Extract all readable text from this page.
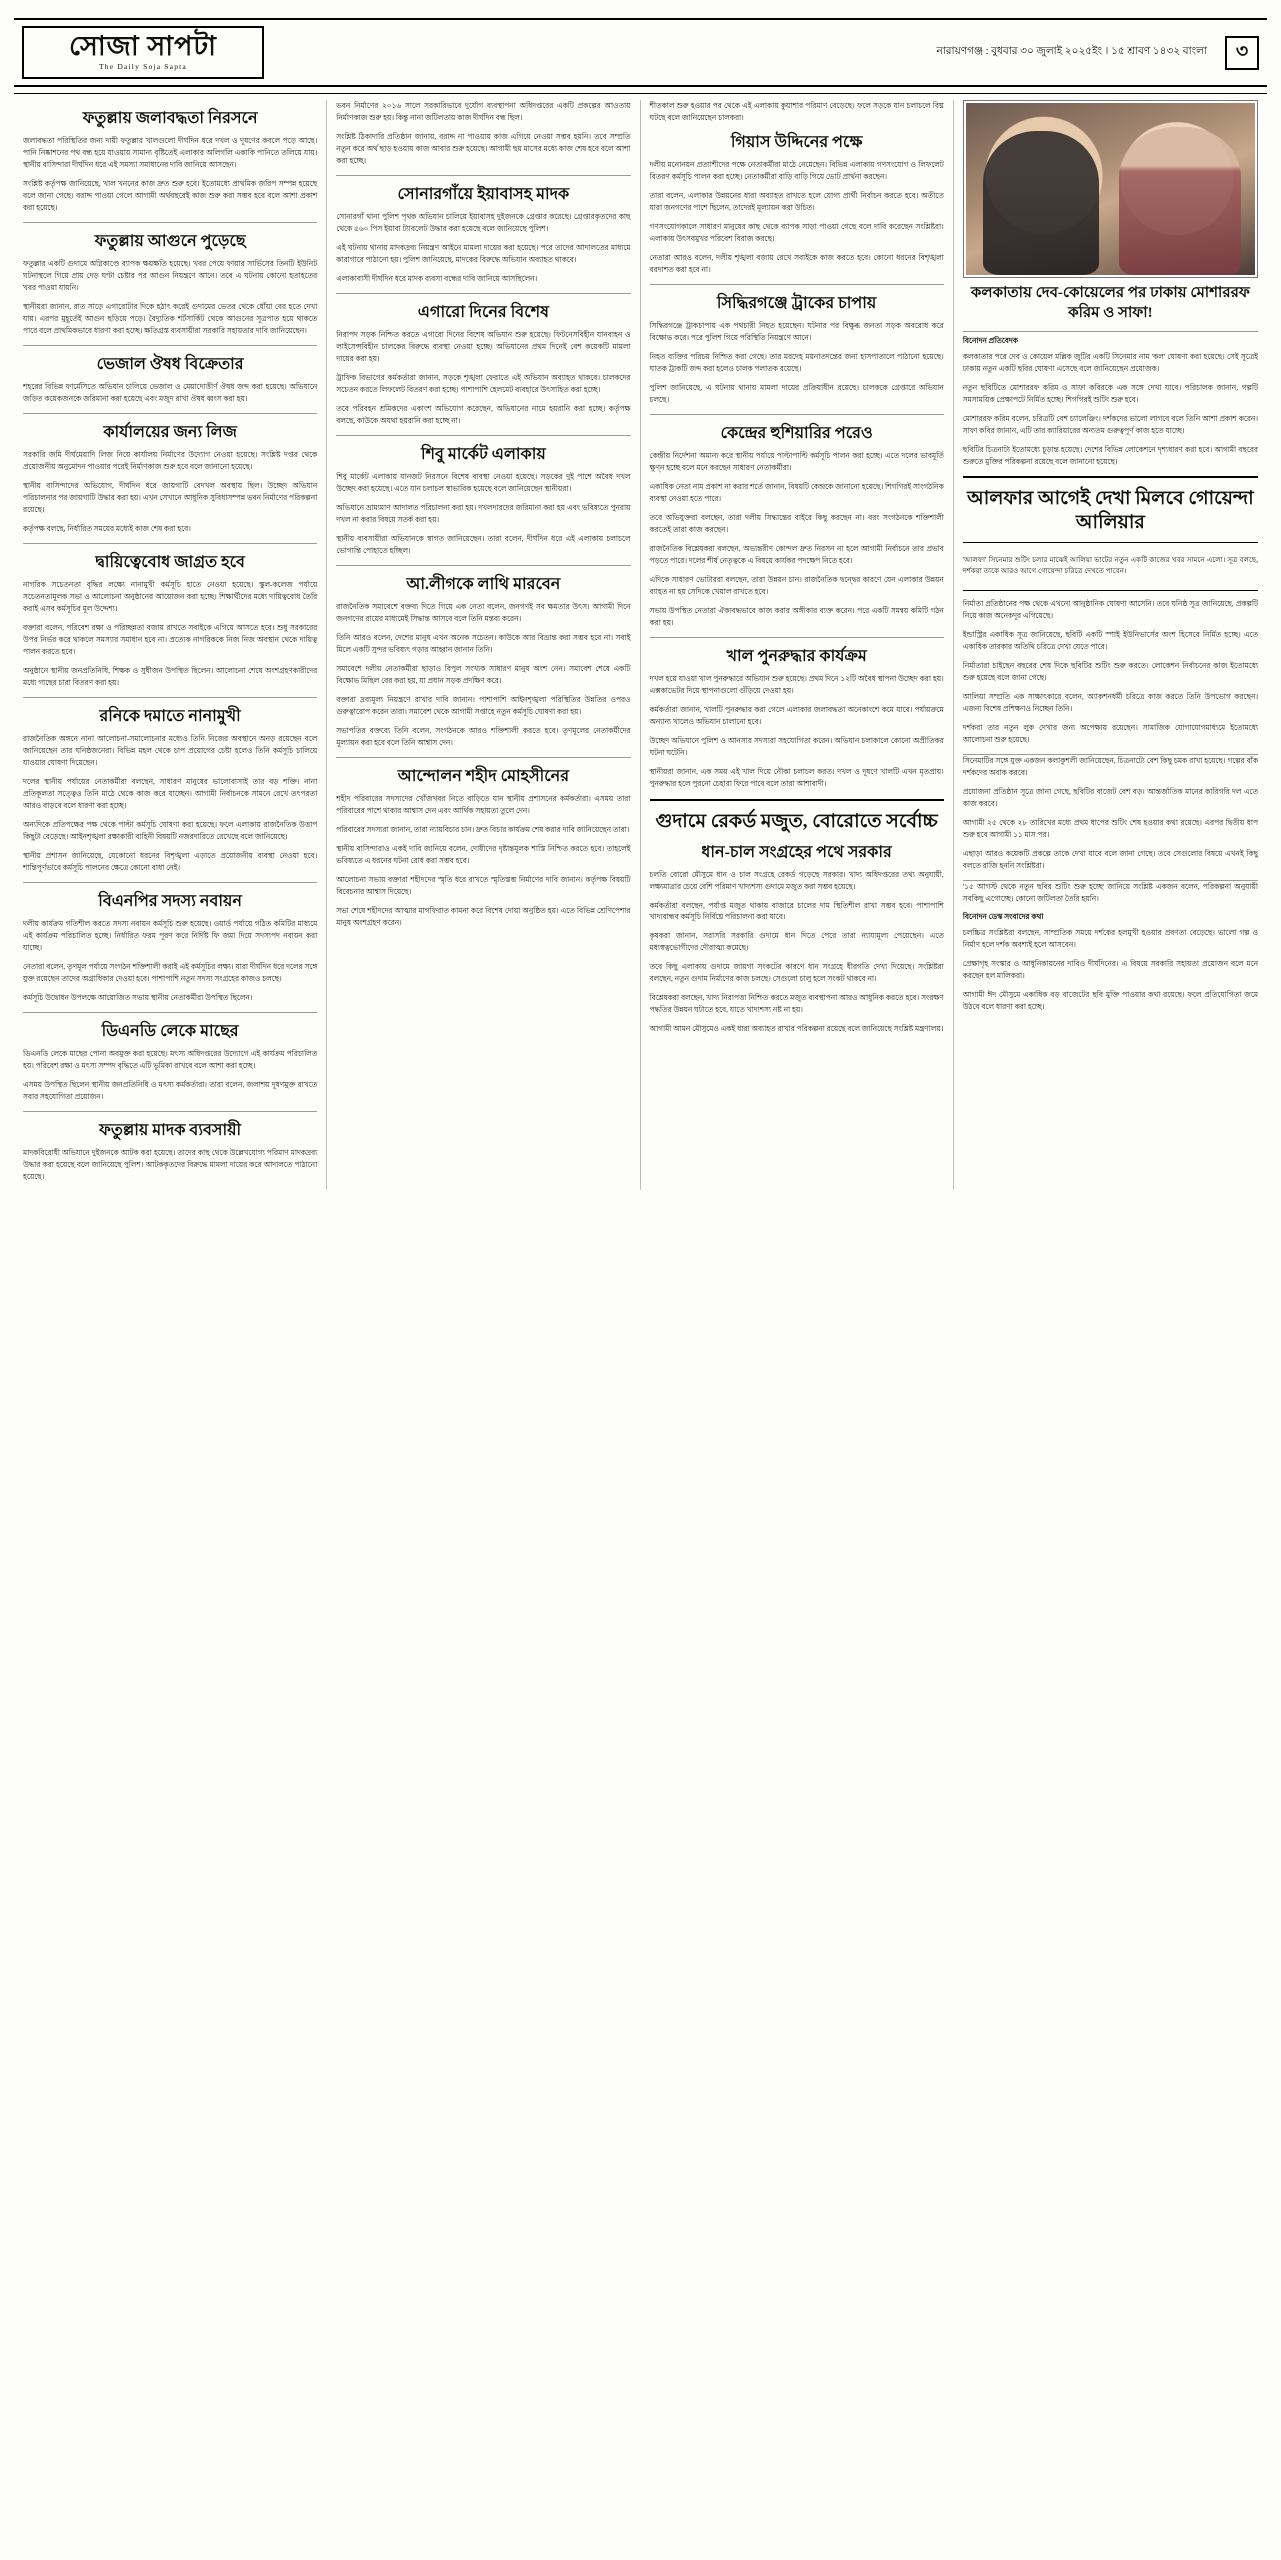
সোজা সাপটা
The Daily Soja Sapta
নারায়ণগঞ্জ : বুধবার ৩০ জুলাই ২০২৫ইং । ১৫ শ্রাবণ ১৪৩২ বাংলা	৩
ফতুল্লায় জলাবদ্ধতা নিরসনে

জলাবদ্ধতা পরিস্থিতির জন্য দায়ী ফতুল্লার খালগুলো দীর্ঘদিন ধরে দখল ও দূষণের কবলে পড়ে আছে। পানি নিষ্কাশনের পথ বন্ধ হয়ে যাওয়ায় সামান্য বৃষ্টিতেই এলাকার অলিগলি একাকি পানিতে তলিয়ে যায়। স্থানীয় বাসিন্দারা দীর্ঘদিন ধরে এই সমস্যা সমাধানের দাবি জানিয়ে আসছেন।

সংশ্লিষ্ট কর্তৃপক্ষ জানিয়েছে, খাল খননের কাজ দ্রুত শুরু হবে। ইতোমধ্যে প্রাথমিক জরিপ সম্পন্ন হয়েছে বলে জানা গেছে। বরাদ্দ পাওয়া গেলে আগামী অর্থবছরেই কাজ শুরু করা সম্ভব হবে বলে আশা প্রকাশ করা হয়েছে।

ফতুল্লায় আগুনে পুড়েছে

ফতুল্লার একটি গুদামে অগ্নিকাণ্ডে ব্যাপক ক্ষয়ক্ষতি হয়েছে। খবর পেয়ে ফায়ার সার্ভিসের তিনটি ইউনিট ঘটনাস্থলে গিয়ে প্রায় দেড় ঘণ্টা চেষ্টার পর আগুন নিয়ন্ত্রণে আনে। তবে এ ঘটনায় কোনো হতাহতের খবর পাওয়া যায়নি।

স্থানীয়রা জানান, রাত সাড়ে এগারোটার দিকে হঠাৎ করেই গুদামের ভেতর থেকে ধোঁয়া বের হতে দেখা যায়। এরপর মুহূর্তেই আগুন ছড়িয়ে পড়ে। বৈদ্যুতিক শর্টসার্কিট থেকে আগুনের সূত্রপাত হয়ে থাকতে পারে বলে প্রাথমিকভাবে ধারণা করা হচ্ছে। ক্ষতিগ্রস্ত ব্যবসায়ীরা সরকারি সহায়তার দাবি জানিয়েছেন।

ভেজাল ঔষধ বিক্রেতার

শহরের বিভিন্ন ফার্মেসিতে অভিযান চালিয়ে ভেজাল ও মেয়াদোত্তীর্ণ ঔষধ জব্দ করা হয়েছে। অভিযানে জড়িত কয়েকজনকে জরিমানা করা হয়েছে এবং মজুদ রাখা ঔষধ ধ্বংস করা হয়।

কার্যালয়ের জন্য লিজ

সরকারি জমি দীর্ঘমেয়াদি লিজ নিয়ে কার্যালয় নির্মাণের উদ্যোগ নেওয়া হয়েছে। সংশ্লিষ্ট দপ্তর থেকে প্রয়োজনীয় অনুমোদন পাওয়ার পরেই নির্মাণকাজ শুরু হবে বলে জানানো হয়েছে।

স্থানীয় বাসিন্দাদের অভিযোগ, দীর্ঘদিন ধরে জায়গাটি বেদখল অবস্থায় ছিল। উচ্ছেদ অভিযান পরিচালনার পর জায়গাটি উদ্ধার করা হয়। এখন সেখানে আধুনিক সুবিধাসম্পন্ন ভবন নির্মাণের পরিকল্পনা রয়েছে।

কর্তৃপক্ষ বলছে, নির্ধারিত সময়ের মধ্যেই কাজ শেষ করা হবে।

দ্বায়িত্বেবোধ জাগ্রত হবে

নাগরিক সচেতনতা বৃদ্ধির লক্ষ্যে নানামুখী কর্মসূচি হাতে নেওয়া হয়েছে। স্কুল-কলেজ পর্যায়ে সচেতনতামূলক সভা ও আলোচনা অনুষ্ঠানের আয়োজন করা হচ্ছে। শিক্ষার্থীদের মধ্যে দায়িত্ববোধ তৈরি করাই এসব কর্মসূচির মূল উদ্দেশ্য।

বক্তারা বলেন, পরিবেশ রক্ষা ও পরিচ্ছন্নতা বজায় রাখতে সবাইকে এগিয়ে আসতে হবে। শুধু সরকারের উপর নির্ভর করে থাকলে সমস্যার সমাধান হবে না। প্রত্যেক নাগরিককে নিজ নিজ অবস্থান থেকে দায়িত্ব পালন করতে হবে।

অনুষ্ঠানে স্থানীয় জনপ্রতিনিধি, শিক্ষক ও সুধীজন উপস্থিত ছিলেন। আলোচনা শেষে অংশগ্রহণকারীদের মধ্যে গাছের চারা বিতরণ করা হয়।

রনিকে দমাতে নানামুখী

রাজনৈতিক অঙ্গনে নানা আলোচনা-সমালোচনার মধ্যেও তিনি নিজের অবস্থানে অনড় রয়েছেন বলে জানিয়েছেন তার ঘনিষ্ঠজনেরা। বিভিন্ন মহল থেকে চাপ প্রয়োগের চেষ্টা হলেও তিনি কর্মসূচি চালিয়ে যাওয়ার ঘোষণা দিয়েছেন।

দলের স্থানীয় পর্যায়ের নেতাকর্মীরা বলছেন, সাধারণ মানুষের ভালোবাসাই তার বড় শক্তি। নানা প্রতিকূলতা সত্ত্বেও তিনি মাঠে থেকে কাজ করে যাচ্ছেন। আগামী নির্বাচনকে সামনে রেখে তৎপরতা আরও বাড়বে বলে ধারণা করা হচ্ছে।

অন্যদিকে প্রতিপক্ষের পক্ষ থেকে পাল্টা কর্মসূচি ঘোষণা করা হয়েছে। ফলে এলাকায় রাজনৈতিক উত্তাপ কিছুটা বেড়েছে। আইনশৃঙ্খলা রক্ষাকারী বাহিনী বিষয়টি নজরদারিতে রেখেছে বলে জানিয়েছে।

স্থানীয় প্রশাসন জানিয়েছে, যেকোনো ধরনের বিশৃঙ্খলা এড়াতে প্রয়োজনীয় ব্যবস্থা নেওয়া হবে। শান্তিপূর্ণভাবে কর্মসূচি পালনের ক্ষেত্রে কোনো বাধা নেই।

বিএনপির সদস্য নবায়ন

দলীয় কার্যক্রম গতিশীল করতে সদস্য নবায়ন কর্মসূচি শুরু হয়েছে। ওয়ার্ড পর্যায়ে গঠিত কমিটির মাধ্যমে এই কার্যক্রম পরিচালিত হচ্ছে। নির্ধারিত ফরম পূরণ করে নির্দিষ্ট ফি জমা দিয়ে সদস্যপদ নবায়ন করা যাচ্ছে।

নেতারা বলেন, তৃণমূল পর্যায়ে সংগঠন শক্তিশালী করাই এই কর্মসূচির লক্ষ্য। যারা দীর্ঘদিন ধরে দলের সঙ্গে যুক্ত রয়েছেন তাদের অগ্রাধিকার দেওয়া হবে। পাশাপাশি নতুন সদস্য সংগ্রহের কাজও চলছে।

কর্মসূচি উদ্বোধন উপলক্ষে আয়োজিত সভায় স্থানীয় নেতাকর্মীরা উপস্থিত ছিলেন।

ডিএনডি লেকে মাছের

ডিএনডি লেকে মাছের পোনা অবমুক্ত করা হয়েছে। মৎস্য অধিদপ্তরের উদ্যোগে এই কার্যক্রম পরিচালিত হয়। পরিবেশ রক্ষা ও মৎস্য সম্পদ বৃদ্ধিতে এটি ভূমিকা রাখবে বলে আশা করা হচ্ছে।

এসময় উপস্থিত ছিলেন স্থানীয় জনপ্রতিনিধি ও মৎস্য কর্মকর্তারা। তারা বলেন, জলাশয় দূষণমুক্ত রাখতে সবার সহযোগিতা প্রয়োজন।

ফতুল্লায় মাদক ব্যবসায়ী

মাদকবিরোধী অভিযানে দুইজনকে আটক করা হয়েছে। তাদের কাছ থেকে উল্লেখযোগ্য পরিমাণ মাদকদ্রব্য উদ্ধার করা হয়েছে বলে জানিয়েছে পুলিশ। আটককৃতদের বিরুদ্ধে মামলা দায়ের করে আদালতে পাঠানো হয়েছে।

ভবন নির্মাণের ২০১৬ সালে সরকারিভাবে দুর্যোগ ব্যবস্থাপনা অধিদপ্তরের একটি প্রকল্পের আওতায় নির্মাণকাজ শুরু হয়। কিন্তু নানা জটিলতায় কাজ দীর্ঘদিন বন্ধ ছিল।

সংশ্লিষ্ট ঠিকাদারি প্রতিষ্ঠান জানায়, বরাদ্দ না পাওয়ায় কাজ এগিয়ে নেওয়া সম্ভব হয়নি। তবে সম্প্রতি নতুন করে অর্থ ছাড় হওয়ায় কাজ আবার শুরু হয়েছে। আগামী ছয় মাসের মধ্যে কাজ শেষ হবে বলে আশা করা হচ্ছে।

সোনারগাঁয়ে ইয়াবাসহ মাদক

সোনারগাঁ থানা পুলিশ পৃথক অভিযান চালিয়ে ইয়াবাসহ দুইজনকে গ্রেপ্তার করেছে। গ্রেপ্তারকৃতদের কাছ থেকে ৫৬০ পিস ইয়াবা ট্যাবলেট উদ্ধার করা হয়েছে বলে জানিয়েছে পুলিশ।

এই ঘটনায় থানায় মাদকদ্রব্য নিয়ন্ত্রণ আইনে মামলা দায়ের করা হয়েছে। পরে তাদের আদালতের মাধ্যমে কারাগারে পাঠানো হয়। পুলিশ জানিয়েছে, মাদকের বিরুদ্ধে অভিযান অব্যাহত থাকবে।

এলাকাবাসী দীর্ঘদিন ধরে মাদক ব্যবসা বন্ধের দাবি জানিয়ে আসছিলেন।

এগারো দিনের বিশেষ

নিরাপদ সড়ক নিশ্চিত করতে এগারো দিনের বিশেষ অভিযান শুরু হয়েছে। ফিটনেসবিহীন যানবাহন ও লাইসেন্সবিহীন চালকের বিরুদ্ধে ব্যবস্থা নেওয়া হচ্ছে। অভিযানের প্রথম দিনেই বেশ কয়েকটি মামলা দায়ের করা হয়।

ট্রাফিক বিভাগের কর্মকর্তারা জানান, সড়কে শৃঙ্খলা ফেরাতে এই অভিযান অব্যাহত থাকবে। চালকদের সচেতন করতে লিফলেট বিতরণ করা হচ্ছে। পাশাপাশি হেলমেট ব্যবহারে উৎসাহিত করা হচ্ছে।

তবে পরিবহন শ্রমিকদের একাংশ অভিযোগ করেছেন, অভিযানের নামে হয়রানি করা হচ্ছে। কর্তৃপক্ষ বলছে, কাউকে অযথা হয়রানি করা হচ্ছে না।

শিবু মার্কেট এলাকায়

শিবু মার্কেট এলাকায় যানজট নিরসনে বিশেষ ব্যবস্থা নেওয়া হয়েছে। সড়কের দুই পাশে অবৈধ দখল উচ্ছেদ করা হয়েছে। এতে যান চলাচল স্বাভাবিক হয়েছে বলে জানিয়েছেন স্থানীয়রা।

অভিযানে ভ্রাম্যমাণ আদালত পরিচালনা করা হয়। দখলদারদের জরিমানা করা হয় এবং ভবিষ্যতে পুনরায় দখল না করার বিষয়ে সতর্ক করা হয়।

স্থানীয় ব্যবসায়ীরা অভিযানকে স্বাগত জানিয়েছেন। তারা বলেন, দীর্ঘদিন ধরে এই এলাকায় চলাচলে ভোগান্তি পোহাতে হচ্ছিল।

আ.লীগকে লাথি মারবেন

রাজনৈতিক সমাবেশে বক্তব্য দিতে গিয়ে এক নেতা বলেন, জনগণই সব ক্ষমতার উৎস। আগামী দিনে জনগণের রায়ের মাধ্যমেই সিদ্ধান্ত আসবে বলে তিনি মন্তব্য করেন।

তিনি আরও বলেন, দেশের মানুষ এখন অনেক সচেতন। কাউকে আর বিভ্রান্ত করা সম্ভব হবে না। সবাই মিলে একটি সুন্দর ভবিষ্যৎ গড়ার আহ্বান জানান তিনি।

সমাবেশে দলীয় নেতাকর্মীরা ছাড়াও বিপুল সংখ্যক সাধারণ মানুষ অংশ নেন। সমাবেশ শেষে একটি বিক্ষোভ মিছিল বের করা হয়, যা প্রধান সড়ক প্রদক্ষিণ করে।

বক্তারা দ্রব্যমূল্য নিয়ন্ত্রণে রাখার দাবি জানান। পাশাপাশি আইনশৃঙ্খলা পরিস্থিতির উন্নতির ওপরও গুরুত্বারোপ করেন তারা। সমাবেশ থেকে আগামী সপ্তাহে নতুন কর্মসূচি ঘোষণা করা হয়।

সভাপতির বক্তব্যে তিনি বলেন, সংগঠনকে আরও শক্তিশালী করতে হবে। তৃণমূলের নেতাকর্মীদের মূল্যায়ন করা হবে বলে তিনি আশ্বাস দেন।

আন্দোলন শহীদ মোহসীনের

শহীদ পরিবারের সদস্যদের খোঁজখবর নিতে বাড়িতে যান স্থানীয় প্রশাসনের কর্মকর্তারা। এসময় তারা পরিবারের পাশে থাকার আশ্বাস দেন এবং আর্থিক সহায়তা তুলে দেন।

পরিবারের সদস্যরা জানান, তারা ন্যায়বিচার চান। দ্রুত বিচার কার্যক্রম শেষ করার দাবি জানিয়েছেন তারা।

স্থানীয় বাসিন্দারাও একই দাবি জানিয়ে বলেন, দোষীদের দৃষ্টান্তমূলক শাস্তি নিশ্চিত করতে হবে। তাহলেই ভবিষ্যতে এ ধরনের ঘটনা রোধ করা সম্ভব হবে।

আলোচনা সভায় বক্তারা শহীদদের স্মৃতি ধরে রাখতে স্মৃতিস্তম্ভ নির্মাণের দাবি জানান। কর্তৃপক্ষ বিষয়টি বিবেচনার আশ্বাস দিয়েছে।

সভা শেষে শহীদদের আত্মার মাগফিরাত কামনা করে বিশেষ দোয়া অনুষ্ঠিত হয়। এতে বিভিন্ন শ্রেণিপেশার মানুষ অংশগ্রহণ করেন।

শীতকাল শুরু হওয়ার পর থেকে এই এলাকায় কুয়াশার পরিমাণ বেড়েছে। ফলে সড়কে যান চলাচলে বিঘ্ন ঘটছে বলে জানিয়েছেন চালকরা।

গিয়াস উদ্দিনের পক্ষে

দলীয় মনোনয়ন প্রত্যাশীদের পক্ষে নেতাকর্মীরা মাঠে নেমেছেন। বিভিন্ন এলাকায় গণসংযোগ ও লিফলেট বিতরণ কর্মসূচি পালন করা হচ্ছে। নেতাকর্মীরা বাড়ি বাড়ি গিয়ে ভোট প্রার্থনা করছেন।

তারা বলেন, এলাকার উন্নয়নের ধারা অব্যাহত রাখতে হলে যোগ্য প্রার্থী নির্বাচন করতে হবে। অতীতে যারা জনগণের পাশে ছিলেন, তাদেরই মূল্যায়ন করা উচিত।

গণসংযোগকালে সাধারণ মানুষের কাছ থেকে ব্যাপক সাড়া পাওয়া গেছে বলে দাবি করেছেন সংশ্লিষ্টরা। এলাকায় উৎসবমুখর পরিবেশ বিরাজ করছে।

নেতারা আরও বলেন, দলীয় শৃঙ্খলা বজায় রেখে সবাইকে কাজ করতে হবে। কোনো ধরনের বিশৃঙ্খলা বরদাশত করা হবে না।

সিদ্ধিরগঞ্জে ট্রাকের চাপায়

সিদ্ধিরগঞ্জে ট্রাকচাপায় এক পথচারী নিহত হয়েছেন। ঘটনার পর বিক্ষুব্ধ জনতা সড়ক অবরোধ করে বিক্ষোভ করে। পরে পুলিশ গিয়ে পরিস্থিতি নিয়ন্ত্রণে আনে।

নিহত ব্যক্তির পরিচয় নিশ্চিত করা গেছে। তার মরদেহ ময়নাতদন্তের জন্য হাসপাতালে পাঠানো হয়েছে। ঘাতক ট্রাকটি জব্দ করা হলেও চালক পলাতক রয়েছে।

পুলিশ জানিয়েছে, এ ঘটনায় থানায় মামলা দায়ের প্রক্রিয়াধীন রয়েছে। চালককে গ্রেপ্তারে অভিযান চলছে।

কেন্দ্রের হুশিয়ারির পরেও

কেন্দ্রীয় নির্দেশনা অমান্য করে স্থানীয় পর্যায়ে পাল্টাপাল্টি কর্মসূচি পালন করা হচ্ছে। এতে দলের ভাবমূর্তি ক্ষুণ্ন হচ্ছে বলে মনে করছেন সাধারণ নেতাকর্মীরা।

একাধিক নেতা নাম প্রকাশ না করার শর্তে জানান, বিষয়টি কেন্দ্রকে জানানো হয়েছে। শিগগিরই সাংগঠনিক ব্যবস্থা নেওয়া হতে পারে।

তবে অভিযুক্তরা বলছেন, তারা দলীয় সিদ্ধান্তের বাইরে কিছু করছেন না। বরং সংগঠনকে শক্তিশালী করতেই তারা কাজ করছেন।

রাজনৈতিক বিশ্লেষকরা বলছেন, অভ্যন্তরীণ কোন্দল দ্রুত নিরসন না হলে আগামী নির্বাচনে তার প্রভাব পড়তে পারে। দলের শীর্ষ নেতৃত্বকে এ বিষয়ে কার্যকর পদক্ষেপ নিতে হবে।

এদিকে সাধারণ ভোটাররা বলছেন, তারা উন্নয়ন চান। রাজনৈতিক দ্বন্দ্বের কারণে যেন এলাকার উন্নয়ন ব্যাহত না হয় সেদিকে খেয়াল রাখতে হবে।

সভায় উপস্থিত নেতারা ঐক্যবদ্ধভাবে কাজ করার অঙ্গীকার ব্যক্ত করেন। পরে একটি সমন্বয় কমিটি গঠন করা হয়।

খাল পুনরুদ্ধার কার্যক্রম

দখল হয়ে যাওয়া খাল পুনরুদ্ধারে অভিযান শুরু হয়েছে। প্রথম দিনে ১২টি অবৈধ স্থাপনা উচ্ছেদ করা হয়। এক্সকাভেটর দিয়ে স্থাপনাগুলো গুঁড়িয়ে দেওয়া হয়।

কর্মকর্তারা জানান, খালটি পুনরুদ্ধার করা গেলে এলাকার জলাবদ্ধতা অনেকাংশে কমে যাবে। পর্যায়ক্রমে অন্যান্য খালেও অভিযান চালানো হবে।

উচ্ছেদ অভিযানে পুলিশ ও আনসার সদস্যরা সহযোগিতা করেন। অভিযান চলাকালে কোনো অপ্রীতিকর ঘটনা ঘটেনি।

স্থানীয়রা জানান, এক সময় এই খাল দিয়ে নৌকা চলাচল করত। দখল ও দূষণে খালটি এখন মৃতপ্রায়। পুনরুদ্ধার হলে পুরনো চেহারা ফিরে পাবে বলে তারা আশাবাদী।

গুদামে রেকর্ড মজুত, বোরোতে সর্বোচ্চ
ধান-চাল সংগ্রহের পথে সরকার

চলতি বোরো মৌসুমে ধান ও চাল সংগ্রহে রেকর্ড গড়েছে সরকার। খাদ্য অধিদপ্তরের তথ্য অনুযায়ী, লক্ষ্যমাত্রার চেয়ে বেশি পরিমাণ খাদ্যশস্য গুদামে মজুত করা সম্ভব হয়েছে।

কর্মকর্তারা বলছেন, পর্যাপ্ত মজুত থাকায় বাজারে চালের দাম স্থিতিশীল রাখা সম্ভব হবে। পাশাপাশি খাদ্যবান্ধব কর্মসূচি নির্বিঘ্নে পরিচালনা করা যাবে।

কৃষকরা জানান, সরাসরি সরকারি গুদামে ধান দিতে পেরে তারা ন্যায্যমূল্য পেয়েছেন। এতে মধ্যস্বত্বভোগীদের দৌরাত্ম্য কমেছে।

তবে কিছু এলাকায় গুদামে জায়গা সংকটের কারণে ধান সংগ্রহে ধীরগতি দেখা দিয়েছে। সংশ্লিষ্টরা বলছেন, নতুন গুদাম নির্মাণের কাজ চলছে। সেগুলো চালু হলে সংকট থাকবে না।

বিশ্লেষকরা বলছেন, খাদ্য নিরাপত্তা নিশ্চিত করতে মজুত ব্যবস্থাপনা আরও আধুনিক করতে হবে। সংরক্ষণ পদ্ধতির উন্নয়ন ঘটাতে হবে, যাতে খাদ্যশস্য নষ্ট না হয়।

আগামী আমন মৌসুমেও একই ধারা অব্যাহত রাখার পরিকল্পনা রয়েছে বলে জানিয়েছে সংশ্লিষ্ট মন্ত্রণালয়।

কলকাতায় দেব-কোয়েলের পর ঢাকায় মোশাররফ করিম ও সাফা!
বিনোদন প্রতিবেদক

কলকাতার পরে দেব ও কোয়েল মল্লিক জুটির একটি সিনেমার নাম 'কল' ঘোষণা করা হয়েছে। সেই সূত্রেই ঢাকায় নতুন একটি ছবির ঘোষণা এসেছে বলে জানিয়েছেন প্রযোজক।

নতুন ছবিটিতে মোশাররফ করিম ও সাফা কবিরকে এক সঙ্গে দেখা যাবে। পরিচালক জানান, গল্পটি সমসাময়িক প্রেক্ষাপটে নির্মিত হচ্ছে। শিগগিরই শুটিং শুরু হবে।

মোশাররফ করিম বলেন, চরিত্রটি বেশ চ্যালেঞ্জিং। দর্শকদের ভালো লাগবে বলে তিনি আশা প্রকাশ করেন। সাফা কবির জানান, এটি তার ক্যারিয়ারের অন্যতম গুরুত্বপূর্ণ কাজ হতে যাচ্ছে।

ছবিটির চিত্রনাট্য ইতোমধ্যে চূড়ান্ত হয়েছে। দেশের বিভিন্ন লোকেশনে দৃশ্যধারণ করা হবে। আগামী বছরের শুরুতে মুক্তির পরিকল্পনা রয়েছে বলে জানানো হয়েছে।

আলফার আগেই দেখা মিলবে গোয়েন্দা আলিয়ার

'আলফা' সিনেমার শুটিং চলার মাঝেই আলিয়া ভাটের নতুন একটি কাজের খবর সামনে এলো। সূত্র বলছে, দর্শকরা তাকে আরও আগে গোয়েন্দা চরিত্রে দেখতে পাবেন।

নির্মাতা প্রতিষ্ঠানের পক্ষ থেকে এখনো আনুষ্ঠানিক ঘোষণা আসেনি। তবে ঘনিষ্ঠ সূত্র জানিয়েছে, প্রকল্পটি নিয়ে কাজ অনেকদূর এগিয়েছে।

ইন্ডাস্ট্রির একাধিক সূত্র জানিয়েছে, ছবিটি একটি স্পাই ইউনিভার্সের অংশ হিসেবে নির্মিত হচ্ছে। এতে একাধিক তারকার অতিথি চরিত্রে দেখা যেতে পারে।

নির্মাতারা চাইছেন বছরের শেষ দিকে ছবিটির শুটিং শুরু করতে। লোকেশন নির্বাচনের কাজ ইতোমধ্যে শুরু হয়েছে বলে জানা গেছে।

আলিয়া সম্প্রতি এক সাক্ষাৎকারে বলেন, অ্যাকশনধর্মী চরিত্রে কাজ করতে তিনি উপভোগ করছেন। এজন্য বিশেষ প্রশিক্ষণও নিচ্ছেন তিনি।

দর্শকরা তার নতুন লুক দেখার জন্য অপেক্ষায় রয়েছেন। সামাজিক যোগাযোগমাধ্যমে ইতোমধ্যে আলোচনা শুরু হয়েছে।

সিনেমাটির সঙ্গে যুক্ত একজন কলাকুশলী জানিয়েছেন, চিত্রনাট্যে বেশ কিছু চমক রাখা হয়েছে। গল্পের বাঁক দর্শকদের অবাক করবে।

প্রযোজনা প্রতিষ্ঠান সূত্রে জানা গেছে, ছবিটির বাজেট বেশ বড়। আন্তর্জাতিক মানের কারিগরি দল এতে কাজ করবে।

আগামী ২৫ থেকে ২৮ তারিখের মধ্যে প্রথম ধাপের শুটিং শেষ হওয়ার কথা রয়েছে। এরপর দ্বিতীয় ধাপ শুরু হবে আগামী ১১ মাস পর।

এছাড়া আরও কয়েকটি প্রকল্পে তাকে দেখা যাবে বলে জানা গেছে। তবে সেগুলোর বিষয়ে এখনই কিছু বলতে রাজি হননি সংশ্লিষ্টরা।

'১৫ আগস্ট থেকে নতুন ছবির শুটিং শুরু হচ্ছে' জানিয়ে সংশ্লিষ্ট একজন বলেন, পরিকল্পনা অনুযায়ী সবকিছু এগোচ্ছে। কোনো জটিলতা তৈরি হয়নি।

বিনোদন ডেস্ক সংবাদের কথা

চলচ্চিত্র সংশ্লিষ্টরা বলছেন, সাম্প্রতিক সময়ে দর্শকের হলমুখী হওয়ার প্রবণতা বেড়েছে। ভালো গল্প ও নির্মাণ হলে দর্শক অবশ্যই হলে আসবেন।

প্রেক্ষাগৃহ সংস্কার ও আধুনিকায়নের দাবিও দীর্ঘদিনের। এ বিষয়ে সরকারি সহায়তা প্রয়োজন বলে মনে করছেন হল মালিকরা।

আগামী ঈদ মৌসুমে একাধিক বড় বাজেটের ছবি মুক্তি পাওয়ার কথা রয়েছে। ফলে প্রতিযোগিতা জমে উঠবে বলে ধারণা করা হচ্ছে।
